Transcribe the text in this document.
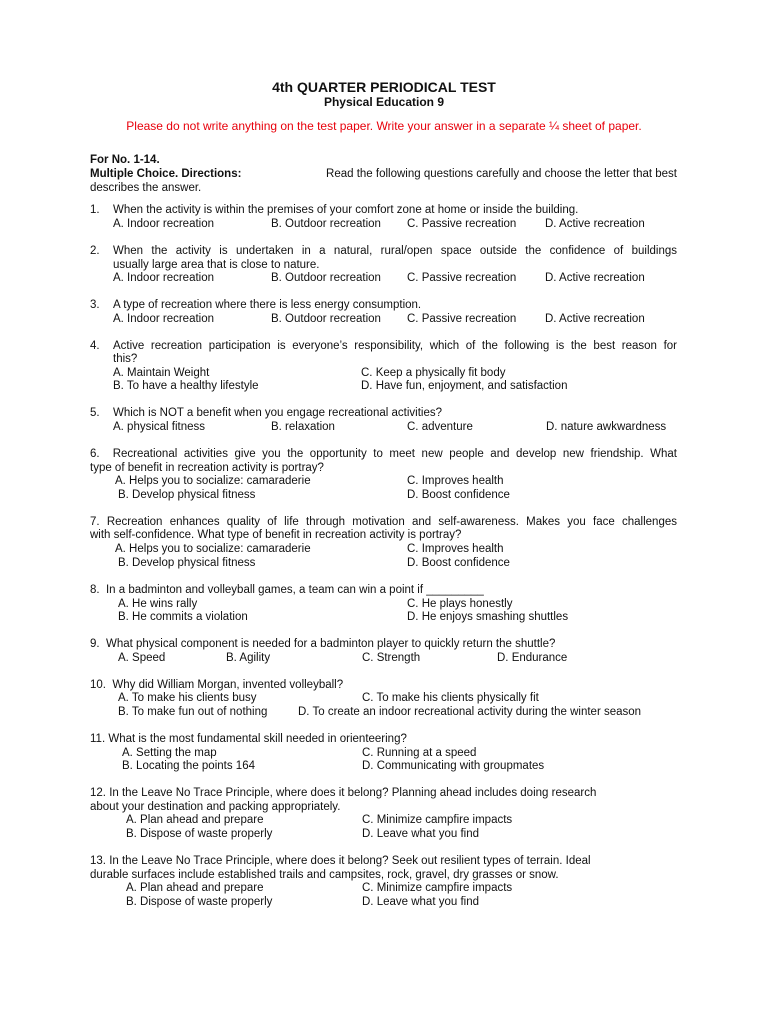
4th QUARTER PERIODICAL TEST
Physical Education 9
Please do not write anything on the test paper. Write your answer in a separate ¼ sheet of paper.
For No. 1-14.
Multiple Choice. Directions:	Read the following questions carefully and choose the letter that best
describes the answer.
1. When the activity is within the premises of your comfort zone at home or inside the building.
A. Indoor recreation	B. Outdoor recreation C. Passive recreation D. Active recreation
2. When the activity is undertaken in a natural, rural/open space outside the confidence of buildings
usually large area that is close to nature.
A. Indoor recreation	B. Outdoor recreation C. Passive recreation D. Active recreation
3. A type of recreation where there is less energy consumption.
A. Indoor recreation	B. Outdoor recreation C. Passive recreation D. Active recreation
4. Active recreation participation is everyone’s responsibility, which of the following is the best reason for
this?
A. Maintain Weight	C. Keep a physically fit body
B. To have a healthy lifestyle	D. Have fun, enjoyment, and satisfaction
5. Which is NOT a benefit when you engage recreational activities?
A. physical fitness	B. relaxation	C. adventure	D. nature awkwardness
6. Recreational activities give you the opportunity to meet new people and develop new friendship. What
type of benefit in recreation activity is portray?
A. Helps you to socialize: camaraderie	C. Improves health
B. Develop physical fitness	D. Boost confidence
7. Recreation enhances quality of life through motivation and self-awareness. Makes you face challenges
with self-confidence. What type of benefit in recreation activity is portray?
A. Helps you to socialize: camaraderie	C. Improves health
B. Develop physical fitness	D. Boost confidence
8. In a badminton and volleyball games, a team can win a point if _________
A. He wins rally	C. He plays honestly
B. He commits a violation	D. He enjoys smashing shuttles
9. What physical component is needed for a badminton player to quickly return the shuttle?
A. Speed	B. Agility	C. Strength	D. Endurance
10. Why did William Morgan, invented volleyball?
A. To make his clients busy	C. To make his clients physically fit
B. To make fun out of nothing	D. To create an indoor recreational activity during the winter season
11. What is the most fundamental skill needed in orienteering?
A. Setting the map	C. Running at a speed
B. Locating the points 164	D. Communicating with groupmates
12. In the Leave No Trace Principle, where does it belong? Planning ahead includes doing research
about your destination and packing appropriately.
A. Plan ahead and prepare	C. Minimize campfire impacts
B. Dispose of waste properly	D. Leave what you find
13. In the Leave No Trace Principle, where does it belong? Seek out resilient types of terrain. Ideal
durable surfaces include established trails and campsites, rock, gravel, dry grasses or snow.
A. Plan ahead and prepare	C. Minimize campfire impacts
B. Dispose of waste properly	D. Leave what you find
